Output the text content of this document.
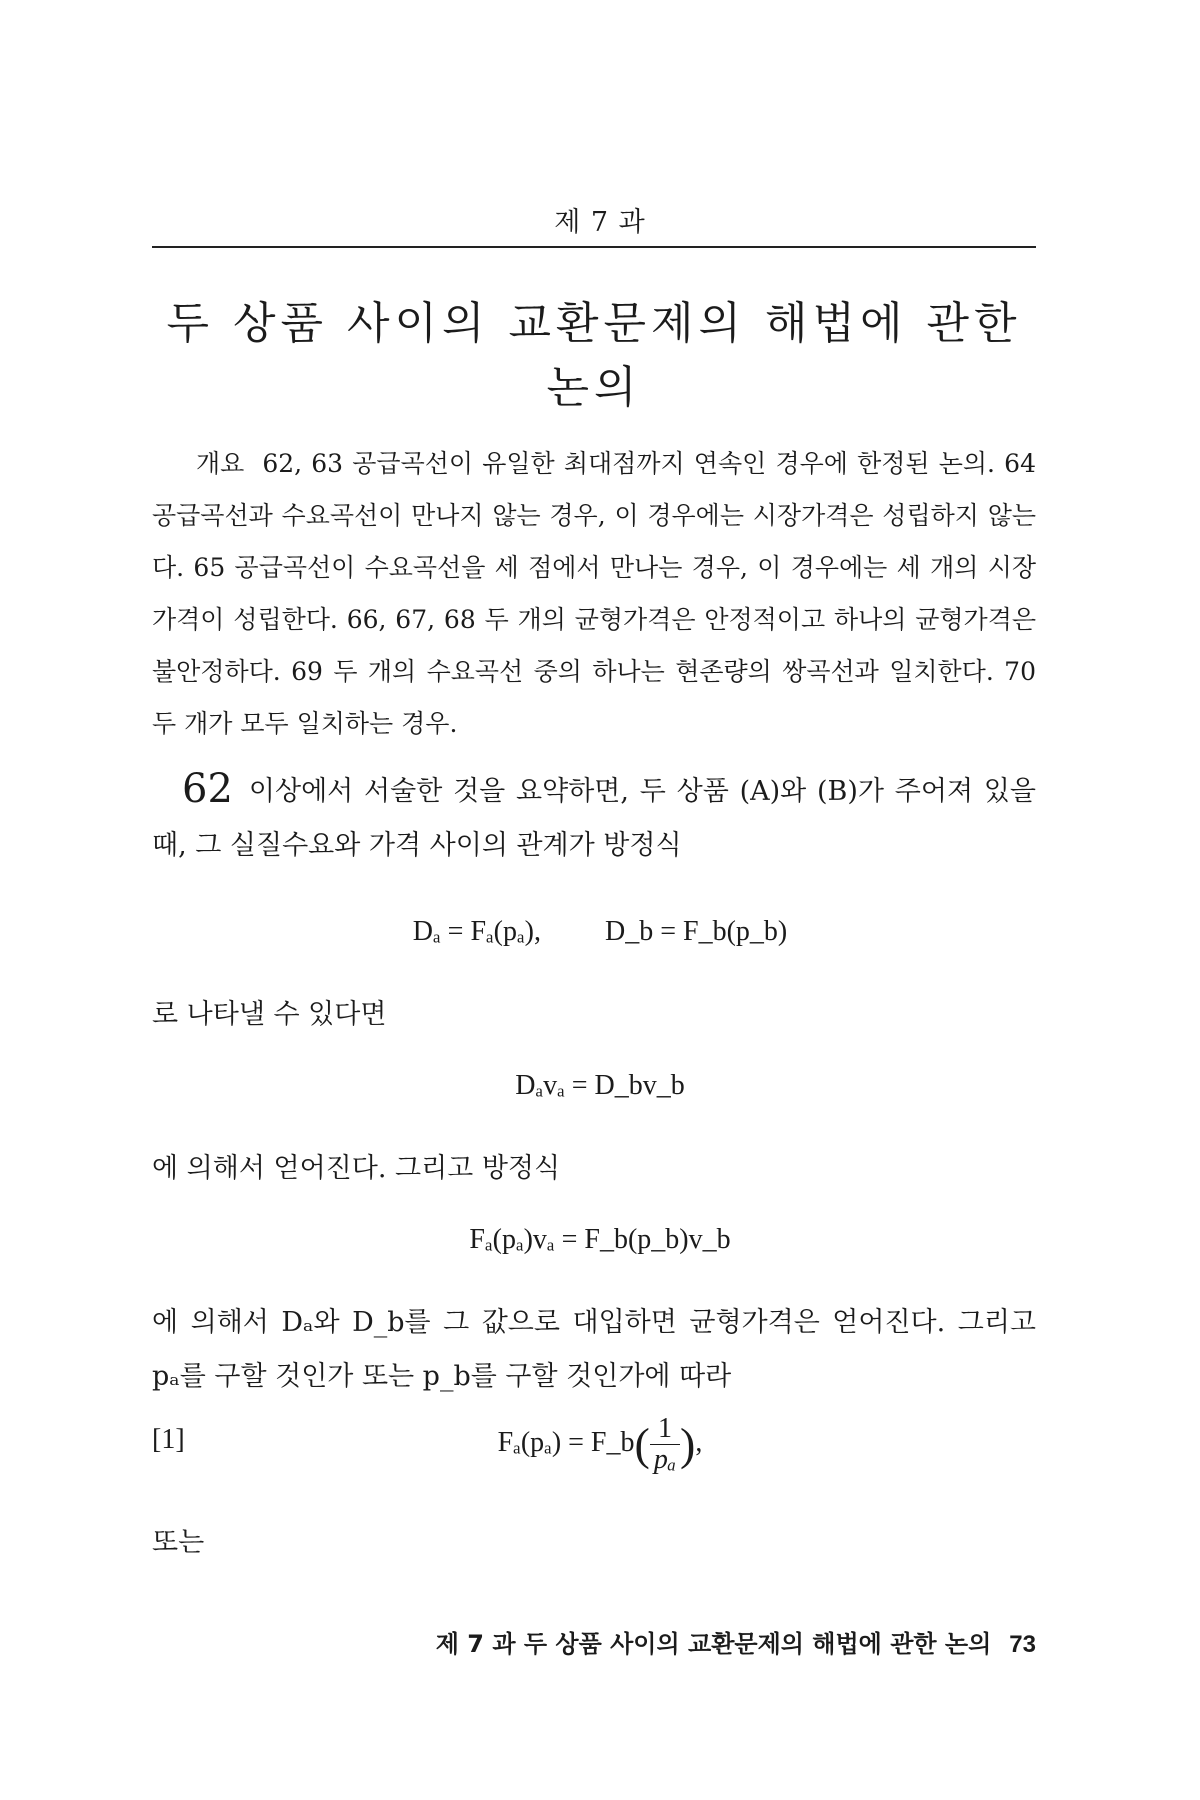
제 7 과
두 상품 사이의 교환문제의 해법에 관한 논의

개요 62, 63 공급곡선이 유일한 최대점까지 연속인 경우에 한정된 논의. 64 공급곡선과 수요곡선이 만나지 않는 경우, 이 경우에는 시장가격은 성립하지 않는다. 65 공급곡선이 수요곡선을 세 점에서 만나는 경우, 이 경우에는 세 개의 시장가격이 성립한다. 66, 67, 68 두 개의 균형가격은 안정적이고 하나의 균형가격은 불안정하다. 69 두 개의 수요곡선 중의 하나는 현존량의 쌍곡선과 일치한다. 70 두 개가 모두 일치하는 경우.

62 이상에서 서술한 것을 요약하면, 두 상품 (A)와 (B)가 주어져 있을 때, 그 실질수요와 가격 사이의 관계가 방정식

Dₐ = Fₐ(pₐ), D_b = F_b(p_b)

로 나타낼 수 있다면

Dₐvₐ = D_bv_b

에 의해서 얻어진다. 그리고 방정식

Fₐ(pₐ)vₐ = F_b(p_b)v_b

에 의해서 Dₐ와 D_b를 그 값으로 대입하면 균형가격은 얻어진다. 그리고 pₐ를 구할 것인가 또는 p_b를 구할 것인가에 따라

[1]	Fₐ(pₐ) = F_b( $\frac{1}{\text{pₐ}}$ ),

또는

제 7 과 두 상품 사이의 교환문제의 해법에 관한 논의 73
